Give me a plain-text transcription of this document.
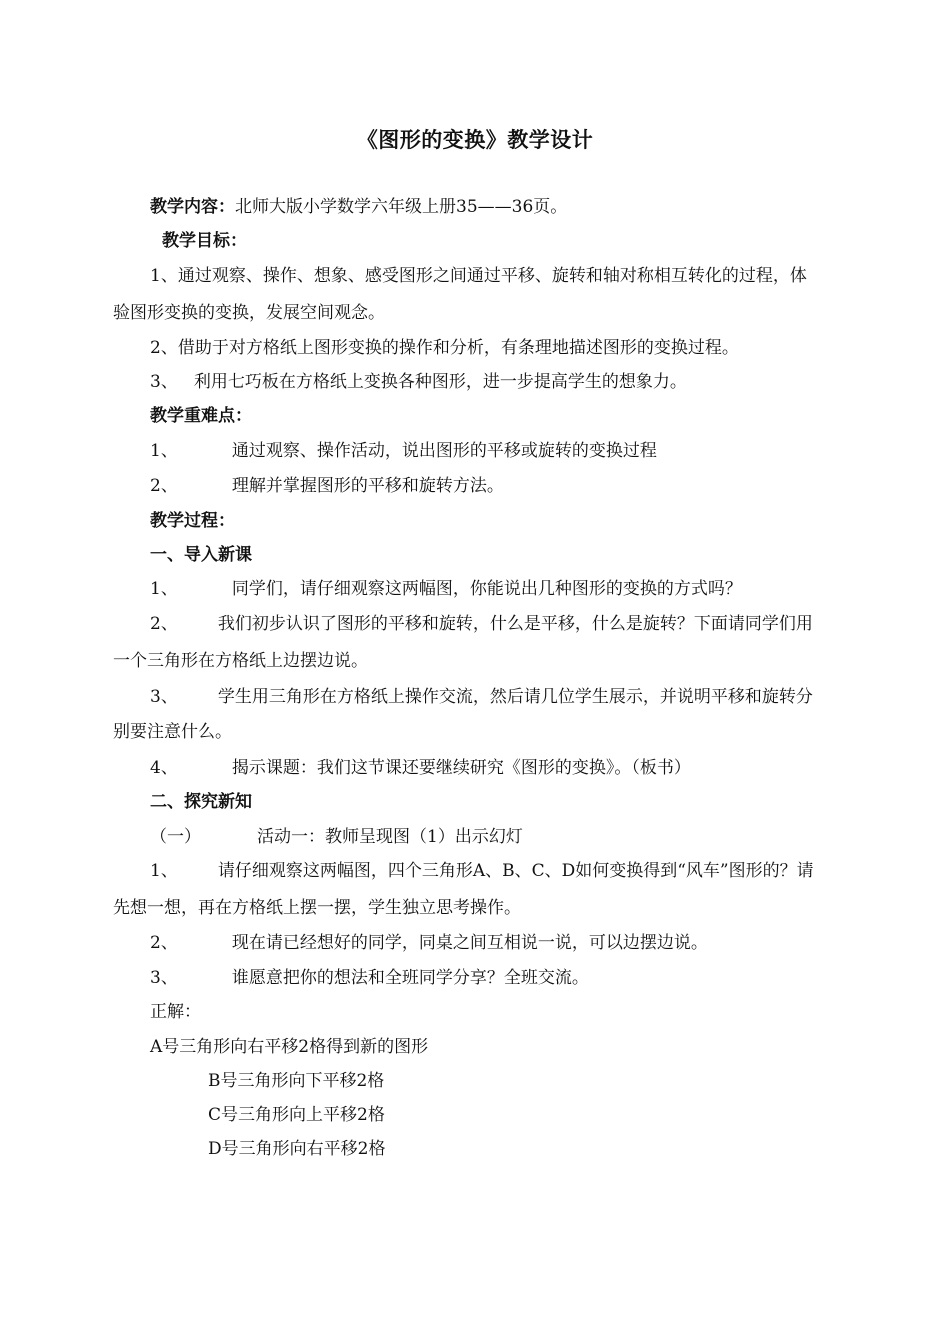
《图形的变换》教学设计
教学内容：北师大版小学数学六年级上册35——36页。
教学目标：
1、通过观察、操作、想象、感受图形之间通过平移、旋转和轴对称相互转化的过程，体
验图形变换的变换，发展空间观念。
2、借助于对方格纸上图形变换的操作和分析，有条理地描述图形的变换过程。
3、 利用七巧板在方格纸上变换各种图形，进一步提高学生的想象力。
教学重难点：
1、	通过观察、操作活动，说出图形的平移或旋转的变换过程
2、	理解并掌握图形的平移和旋转方法。
教学过程：
一、导入新课
1、	同学们，请仔细观察这两幅图，你能说出几种图形的变换的方式吗？
2、 我们初步认识了图形的平移和旋转，什么是平移，什么是旋转？下面请同学们用
一个三角形在方格纸上边摆边说。
3、 学生用三角形在方格纸上操作交流，然后请几位学生展示，并说明平移和旋转分
别要注意什么。
4、	揭示课题：我们这节课还要继续研究《图形的变换》。（板书）
二、探究新知
（一）	活动一：教师呈现图（1）出示幻灯
1、 请仔细观察这两幅图，四个三角形A、B、C、D如何变换得到“风车”图形的？请
先想一想，再在方格纸上摆一摆，学生独立思考操作。
2、	现在请已经想好的同学，同桌之间互相说一说，可以边摆边说。
3、	谁愿意把你的想法和全班同学分享？全班交流。
正解：
A号三角形向右平移2格得到新的图形
B号三角形向下平移2格
C号三角形向上平移2格
D号三角形向右平移2格
